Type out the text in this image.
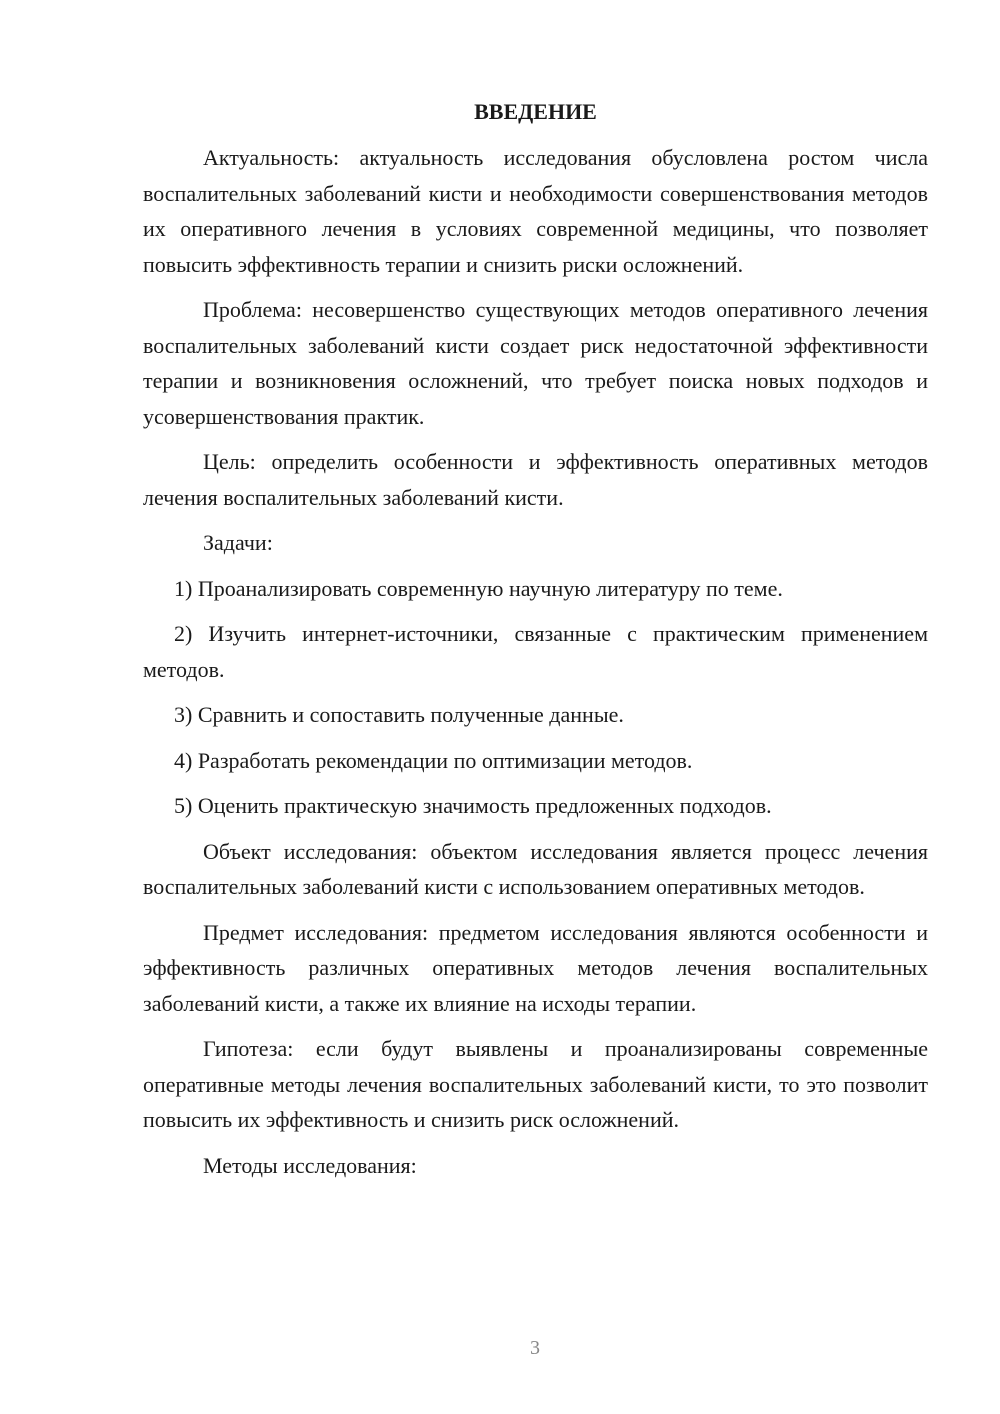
ВВЕДЕНИЕ

Актуальность: актуальность исследования обусловлена ростом числа воспалительных заболеваний кисти и необходимости совершенствования методов их оперативного лечения в условиях современной медицины, что позволяет повысить эффективность терапии и снизить риски осложнений.

Проблема: несовершенство существующих методов оперативного лечения воспалительных заболеваний кисти создает риск недостаточной эффективности терапии и возникновения осложнений, что требует поиска новых подходов и усовершенствования практик.

Цель: определить особенности и эффективность оперативных методов лечения воспалительных заболеваний кисти.

Задачи:

1) Проанализировать современную научную литературу по теме.

2) Изучить интернет-источники, связанные с практическим применением методов.

3) Сравнить и сопоставить полученные данные.

4) Разработать рекомендации по оптимизации методов.

5) Оценить практическую значимость предложенных подходов.

Объект исследования: объектом исследования является процесс лечения воспалительных заболеваний кисти с использованием оперативных методов.

Предмет исследования: предметом исследования являются особенности и эффективность различных оперативных методов лечения воспалительных заболеваний кисти, а также их влияние на исходы терапии.

Гипотеза: если будут выявлены и проанализированы современные оперативные методы лечения воспалительных заболеваний кисти, то это позволит повысить их эффективность и снизить риск осложнений.

Методы исследования:

3
